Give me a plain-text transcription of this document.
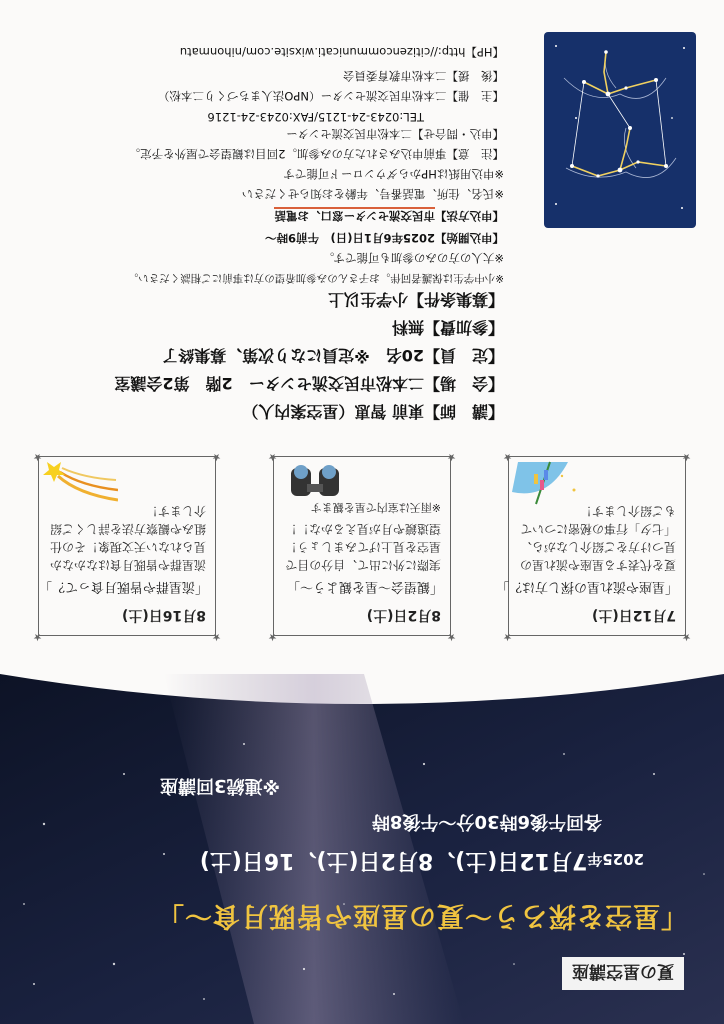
夏の星空講座
「星空を探ろう～夏の星座や皆既月食～」
2025年7月12日(土)、8月2日(土)、16日(土)
各回午後6時30分～午後8時
※連続3回講座
★
★
★
★
7月12日(土)
「星座や流れ星の探し方は？」
夏を代表する星座や流れ星の見つけ方をご紹介しながら、「七夕」行事の秘密についてもご紹介します！
★
★
★
★
8月2日(土)
「観望会～星を観よう～」
実際に外に出て、自分の目で星空を見上げてみましょう！望遠鏡や月が見えるかな！！
※雨天は室内で星を観ます
★
★
★
★
8月16日(土)
「流星群や皆既月食って？」
流星群や皆既月食はなかなか見られない天文現象！その仕組みや観察方法を詳しくご紹介します！
【講　師】東前 智恵（星空案内人）
【会　場】二本松市民交流センター　2階　第2会議室
【定　員】20名　※定員になり次第、募集終了
【参加費】無料
【募集条件】小学生以上
※小中学生は保護者同伴。お子さんのみ参加希望の方は事前にご相談ください。
※大人の方のみの参加も可能です。
【申込開始】2025年6月1日(日)　午前9時～
【申込方法】市民交流センター窓口、お電話
※氏名、住所、電話番号、年齢をお知らせください
※申込用紙はHPからダウンロード可能です
【注　意】事前申込みされた方のみ参加。2回目は観望会で屋外を予定。
【申込・問合せ】二本松市民交流センター
TEL:0243-24-1215/FAX:0243-24-1216
【主　催】二本松市民交流センター（NPO法人まちづくり二本松）
【後　援】二本松市教育委員会
【HP】http://citizencommunicati.wixsite.com/nihonmatu
